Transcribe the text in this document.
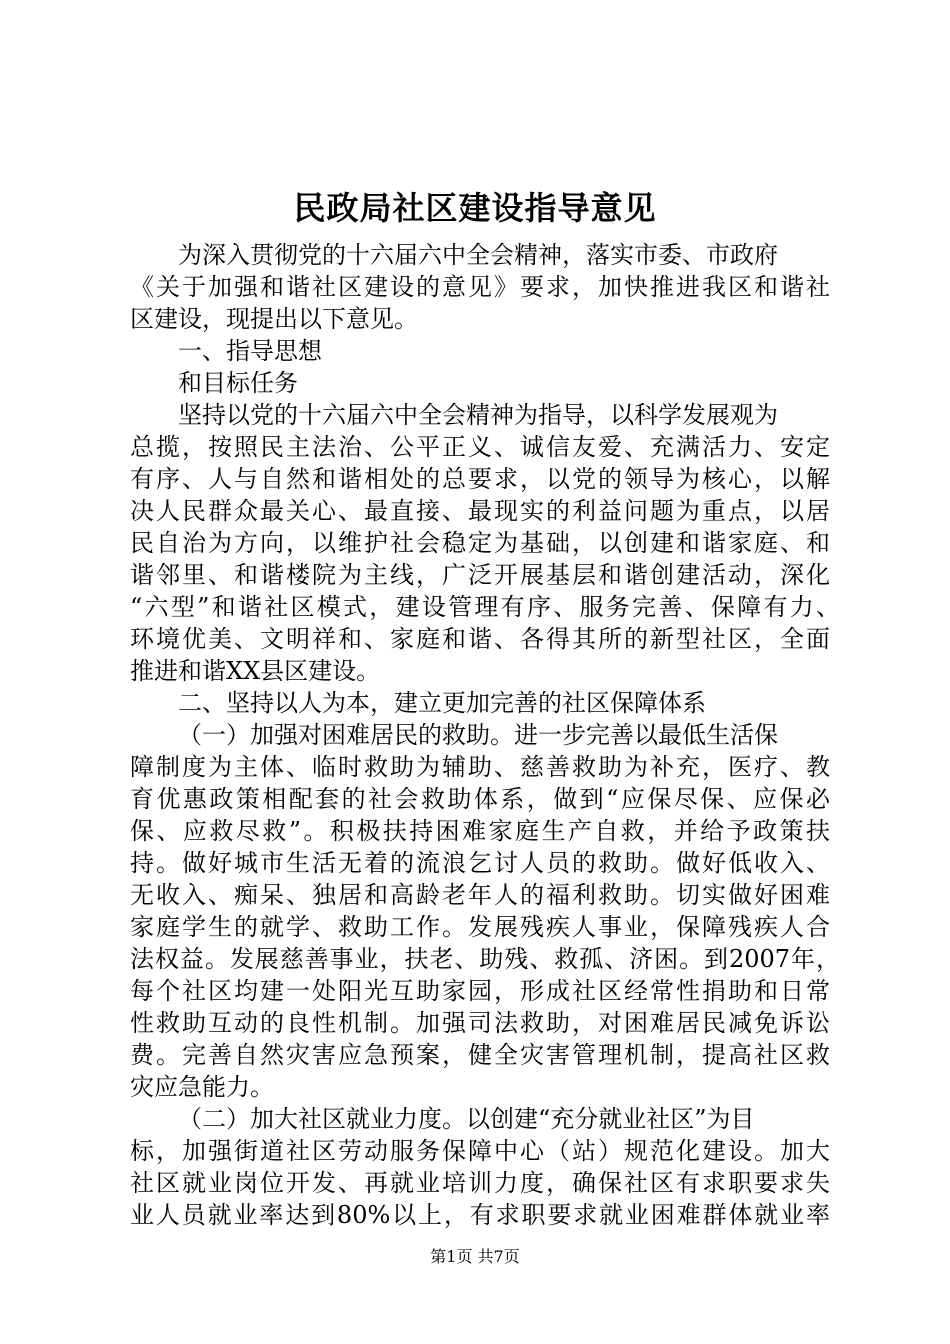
民政局社区建设指导意见

为深入贯彻党的十六届六中全会精神，落实市委、市政府

《关于加强和谐社区建设的意见》要求，加快推进我区和谐社

区建设，现提出以下意见。

一、指导思想

和目标任务

坚持以党的十六届六中全会精神为指导，以科学发展观为

总揽，按照民主法治、公平正义、诚信友爱、充满活力、安定

有序、人与自然和谐相处的总要求，以党的领导为核心，以解

决人民群众最关心、最直接、最现实的利益问题为重点，以居

民自治为方向，以维护社会稳定为基础，以创建和谐家庭、和

谐邻里、和谐楼院为主线，广泛开展基层和谐创建活动，深化

“六型”和谐社区模式，建设管理有序、服务完善、保障有力、

环境优美、文明祥和、家庭和谐、各得其所的新型社区，全面

推进和谐XX县区建设。

二、坚持以人为本，建立更加完善的社区保障体系

（一）加强对困难居民的救助。进一步完善以最低生活保

障制度为主体、临时救助为辅助、慈善救助为补充，医疗、教

育优惠政策相配套的社会救助体系，做到“应保尽保、应保必

保、应救尽救”。积极扶持困难家庭生产自救，并给予政策扶

持。做好城市生活无着的流浪乞讨人员的救助。做好低收入、

无收入、痴呆、独居和高龄老年人的福利救助。切实做好困难

家庭学生的就学、救助工作。发展残疾人事业，保障残疾人合

法权益。发展慈善事业，扶老、助残、救孤、济困。到2007年，

每个社区均建一处阳光互助家园，形成社区经常性捐助和日常

性救助互动的良性机制。加强司法救助，对困难居民减免诉讼

费。完善自然灾害应急预案，健全灾害管理机制，提高社区救

灾应急能力。

（二）加大社区就业力度。以创建“充分就业社区”为目

标，加强街道社区劳动服务保障中心（站）规范化建设。加大

社区就业岗位开发、再就业培训力度，确保社区有求职要求失

业人员就业率达到80%以上，有求职要求就业困难群体就业率

第1页 共7页
